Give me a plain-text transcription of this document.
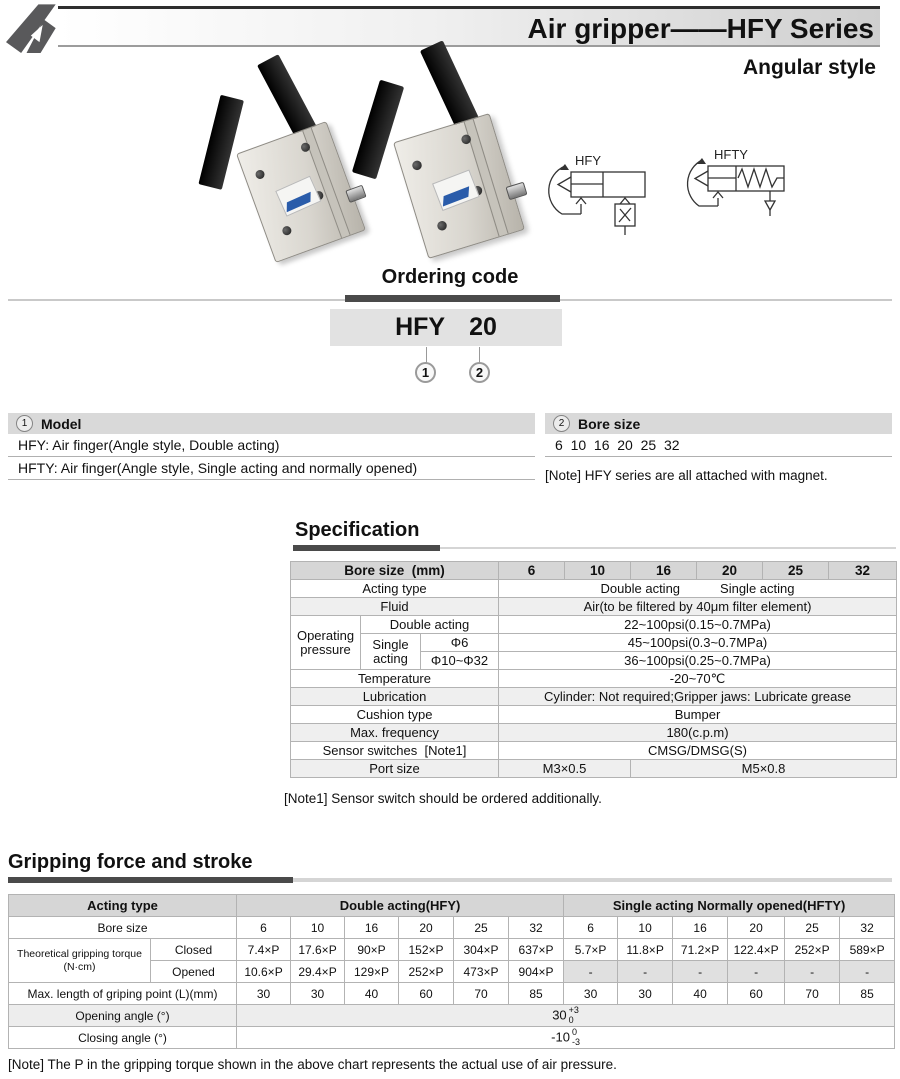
Air gripper——HFY Series
Angular style
HFY	HFTY
Ordering code
HFY 20
1	2
1 Model
HFY: Air finger(Angle style, Double acting)
HFTY: Air finger(Angle style, Single acting and normally opened)
2 Bore size
6  10  16  20  25  32
[Note] HFY series are all attached with magnet.
Specification
Bore size  (mm)			6	10	16	20	25	32
Acting type			Double acting Single acting					
Fluid			Air(to be filtered by 40μm filter element)					
Operating pressure	Double acting		22~100psi(0.15~0.7MPa)					
	Single acting	Φ6	45~100psi(0.3~0.7MPa)					
		Φ10~Φ32	36~100psi(0.25~0.7MPa)					
Temperature			-20~70℃					
Lubrication			Cylinder: Not required;Gripper jaws: Lubricate grease					
Cushion type			Bumper					
Max. frequency			180(c.p.m)					
Sensor switches  [Note1]			CMSG/DMSG(S)					
Port size			M3×0.5		M5×0.8			
[Note1] Sensor switch should be ordered additionally.
Gripping force and stroke
Acting type		Double acting(HFY)						Single acting Normally opened(HFTY)					
Bore size		6	10	16	20	25	32	6	10	16	20	25	32
Theoretical gripping torque
(N·cm)	Closed	7.4×P	17.6×P	90×P	152×P	304×P	637×P	5.7×P	11.8×P	71.2×P	122.4×P	252×P	589×P
	Opened	10.6×P	29.4×P	129×P	252×P	473×P	904×P	-	-	-	-	-	-
Max. length of griping point (L)(mm)		30	30	40	60	70	85	30	30	40	60	70	85
Opening angle (°)		30 +3
0											

Closing angle (°)		-10 0
-3											
[Note] The P in the gripping torque shown in the above chart represents the actual use of air pressure.
